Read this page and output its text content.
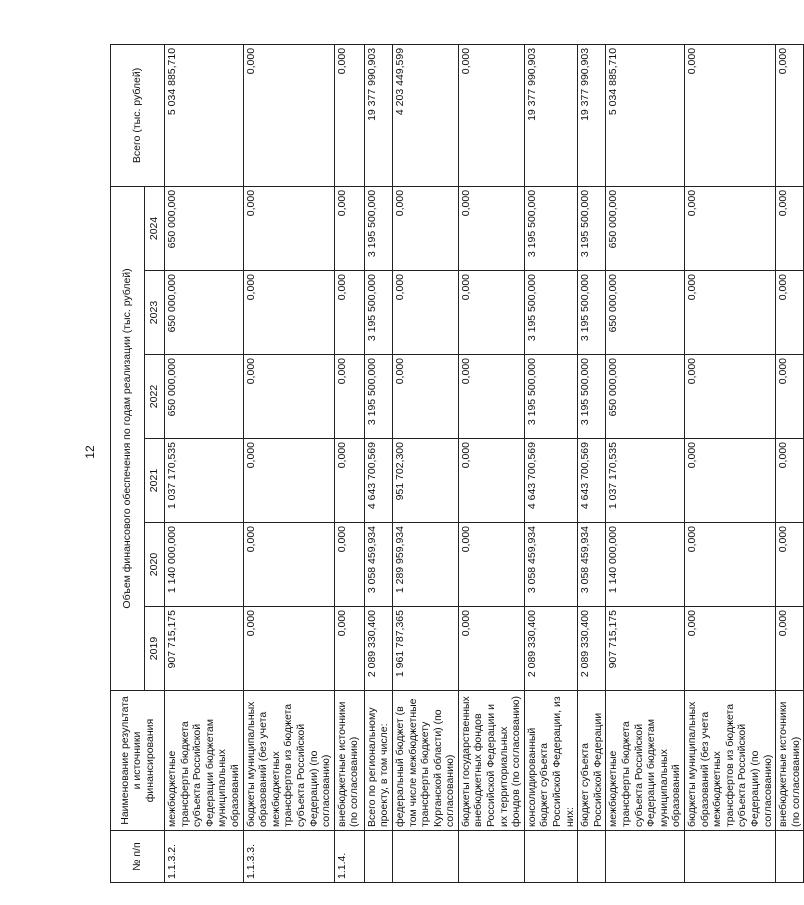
12
№ п/п	Наименование результата и источники финансирования	Объем финансового обеспечения по годам реализации (тыс. рублей)						Всего (тыс. рублей)
		2019	2020	2021	2022	2023	2024	
1.1.3.2.	межбюджетные трансферты бюджета субъекта Российской Федерации бюджетам муниципальных образований	907 715,175	1 140 000,000	1 037 170,535	650 000,000	650 000,000	650 000,000	5 034 885,710
1.1.3.3.	бюджеты муниципальных образований (без учета межбюджетных трансфертов из бюджета субъекта Российской Федерации) (по согласованию)	0,000	0,000	0,000	0,000	0,000	0,000	0,000
1.1.4.	внебюджетные источники (по согласованию)	0,000	0,000	0,000	0,000	0,000	0,000	0,000
	Всего по региональному проекту, в том числе:	2 089 330,400	3 058 459,934	4 643 700,569	3 195 500,000	3 195 500,000	3 195 500,000	19 377 990,903
	федеральный бюджет (в том числе межбюджетные трансферты бюджету Курганской области) (по согласованию)	1 961 787,365	1 289 959,934	951 702,300	0,000	0,000	0,000	4 203 449,599
	бюджеты государственных внебюджетных фондов Российской Федерации и их территориальных фондов (по согласованию)	0,000	0,000	0,000	0,000	0,000	0,000	0,000
	консолидированный бюджет субъекта Российской Федерации, из них:	2 089 330,400	3 058 459,934	4 643 700,569	3 195 500,000	3 195 500,000	3 195 500,000	19 377 990,903
	бюджет субъекта Российской Федерации	2 089 330,400	3 058 459,934	4 643 700,569	3 195 500,000	3 195 500,000	3 195 500,000	19 377 990,903
	межбюджетные трансферты бюджета субъекта Российской Федерации бюджетам муниципальных образований	907 715,175	1 140 000,000	1 037 170,535	650 000,000	650 000,000	650 000,000	5 034 885,710
	бюджеты муниципальных образований (без учета межбюджетных трансфертов из бюджета субъекта Российской Федерации) (по согласованию)	0,000	0,000	0,000	0,000	0,000	0,000	0,000
	внебюджетные источники (по согласованию)	0,000	0,000	0,000	0,000	0,000	0,000	0,000
